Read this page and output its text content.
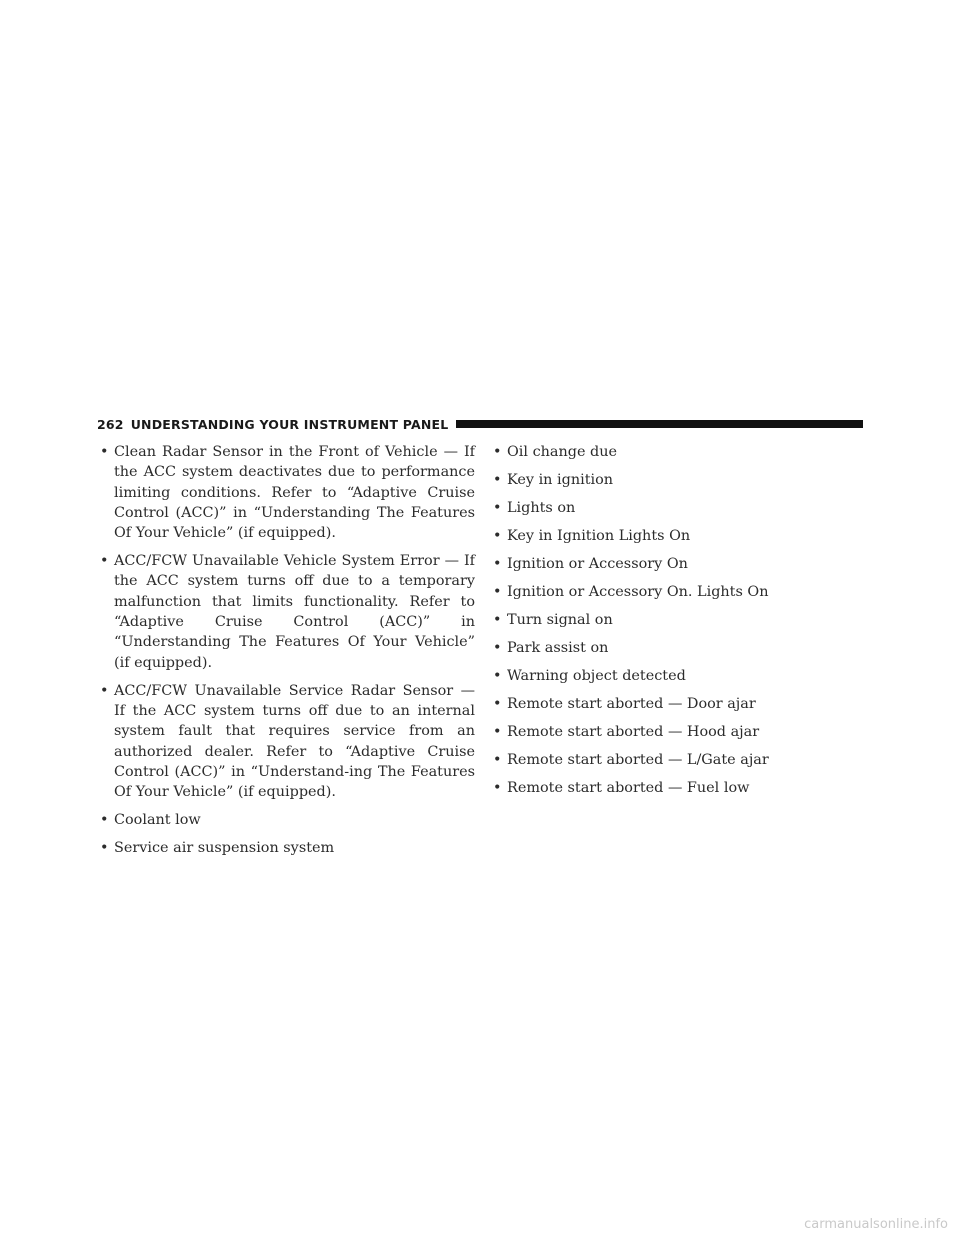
262 UNDERSTANDING YOUR INSTRUMENT PANEL
• Clean Radar Sensor in the Front of Vehicle — If the ACC system deactivates due to performance limiting conditions. Refer to “Adaptive Cruise Control (ACC)” in “Understanding The Features Of Your Vehicle” (if equipped).
• ACC/FCW Unavailable Vehicle System Error — If the ACC system turns off due to a temporary malfunction that limits functionality. Refer to “Adaptive Cruise Control (ACC)” in “Understanding The Features Of Your Vehicle” (if equipped).
• ACC/FCW Unavailable Service Radar Sensor — If the ACC system turns off due to an internal system fault that requires service from an authorized dealer. Refer to “Adaptive Cruise Control (ACC)” in “Understand-ing The Features Of Your Vehicle” (if equipped).
• Coolant low
• Service air suspension system
• Oil change due
• Key in ignition
• Lights on
• Key in Ignition Lights On
• Ignition or Accessory On
• Ignition or Accessory On. Lights On
• Turn signal on
• Park assist on
• Warning object detected
• Remote start aborted — Door ajar
• Remote start aborted — Hood ajar
• Remote start aborted — L/Gate ajar
• Remote start aborted — Fuel low
carmanualsonline.info
